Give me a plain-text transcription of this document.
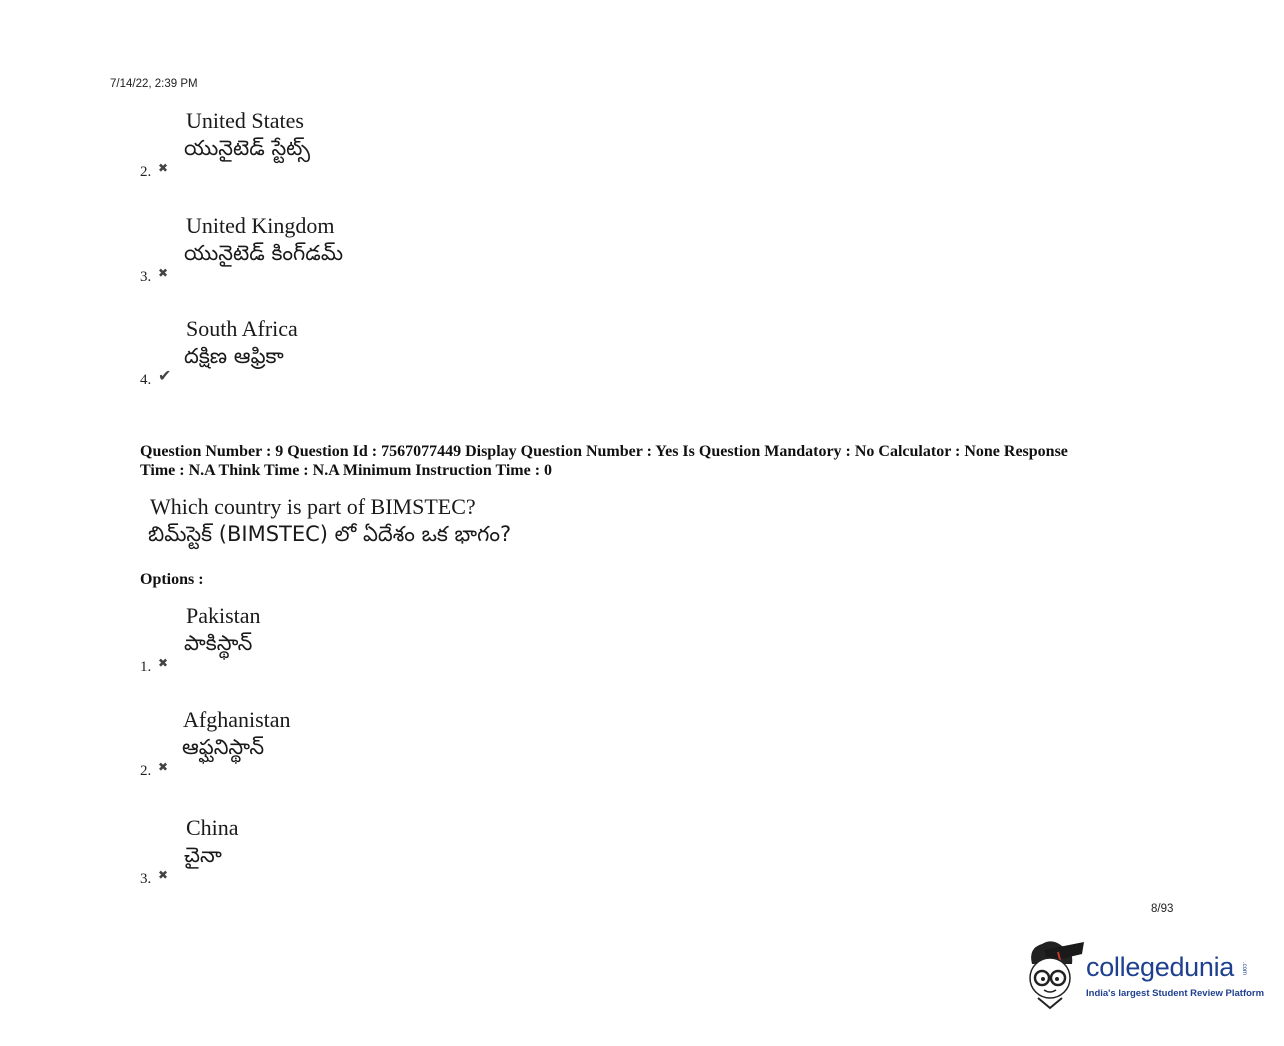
7/14/22, 2:39 PM
United States
యునైటెడ్ స్టేట్స్
2. ✖
United Kingdom
యునైటెడ్ కింగ్‌డమ్
3. ✖
South Africa
దక్షిణ ఆఫ్రికా
4. ✔
Question Number : 9 Question Id : 7567077449 Display Question Number : Yes Is Question Mandatory : No Calculator : None Response
Time : N.A Think Time : N.A Minimum Instruction Time : 0
Which country is part of BIMSTEC?
బిమ్‌స్టెక్ (BIMSTEC) లో ఏదేశం ఒక భాగం?
Options :
Pakistan
పాకిస్థాన్
1. ✖
Afghanistan
ఆఫ్ఘనిస్థాన్
2. ✖
China
చైనా
3. ✖
8/93
collegedunia .com
India's largest Student Review Platform
